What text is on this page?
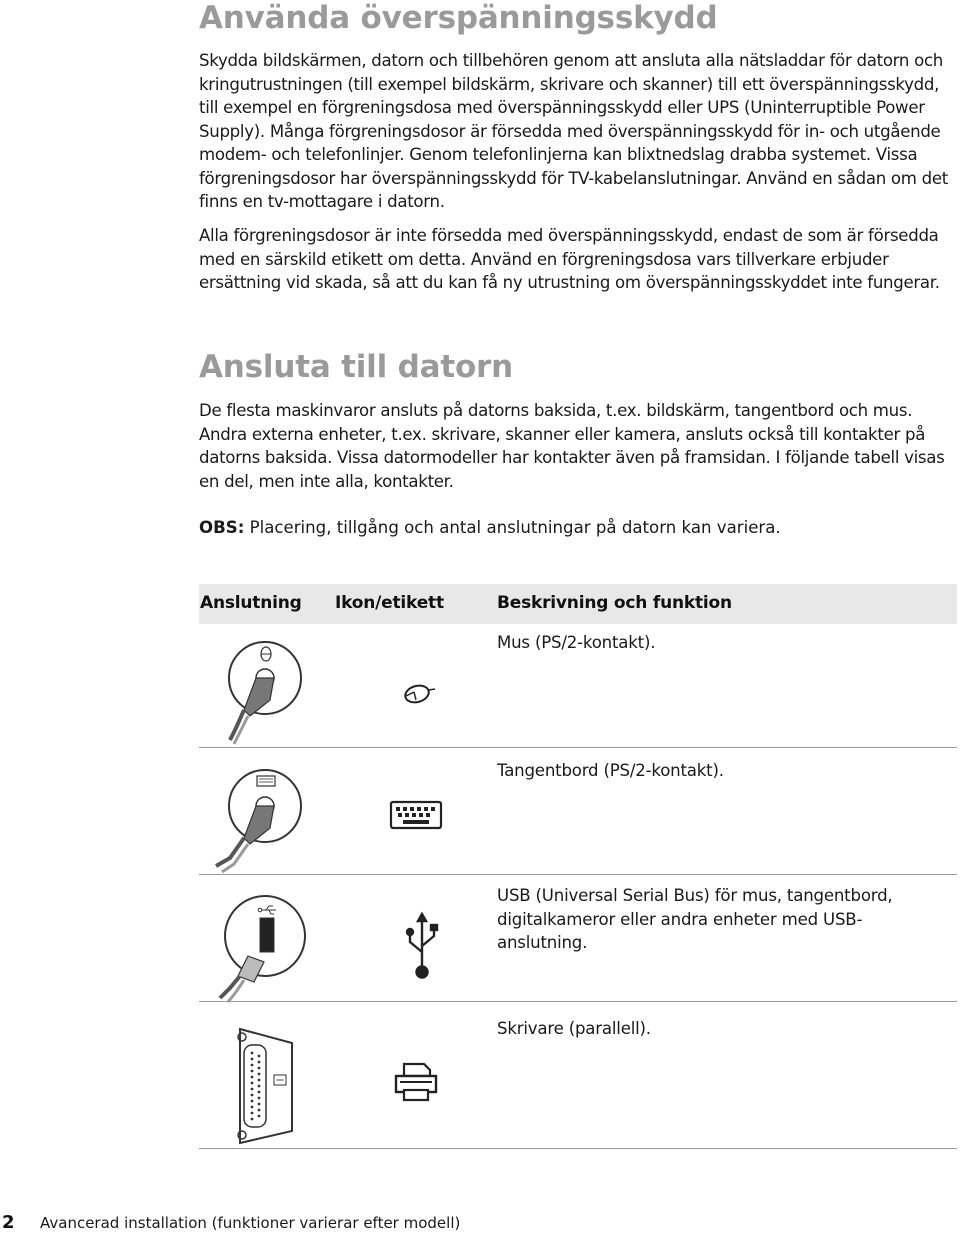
Använda överspänningsskydd

Skydda bildskärmen, datorn och tillbehören genom att ansluta alla nätsladdar för datorn och kringutrustningen (till exempel bildskärm, skrivare och skanner) till ett överspänningsskydd, till exempel en förgreningsdosa med överspänningsskydd eller UPS (Uninterruptible Power Supply). Många förgreningsdosor är försedda med överspänningsskydd för in- och utgående modem- och telefonlinjer. Genom telefonlinjerna kan blixtnedslag drabba systemet. Vissa förgreningsdosor har överspänningsskydd för TV-kabelanslutningar. Använd en sådan om det finns en tv-mottagare i datorn.

Alla förgreningsdosor är inte försedda med överspänningsskydd, endast de som är försedda med en särskild etikett om detta. Använd en förgreningsdosa vars tillverkare erbjuder ersättning vid skada, så att du kan få ny utrustning om överspänningsskyddet inte fungerar.

Ansluta till datorn

De flesta maskinvaror ansluts på datorns baksida, t.ex. bildskärm, tangentbord och mus. Andra externa enheter, t.ex. skrivare, skanner eller kamera, ansluts också till kontakter på datorns baksida. Vissa datormodeller har kontakter även på framsidan. I följande tabell visas en del, men inte alla, kontakter.

OBS: Placering, tillgång och antal anslutningar på datorn kan variera.

Anslutning Ikon/etikett	Beskrivning och funktion
Mus (PS/2-kontakt).
Tangentbord (PS/2-kontakt).
USB (Universal Serial Bus) för mus, tangentbord, digitalkameror eller andra enheter med USB-anslutning.
Skrivare (parallell).
2 Avancerad installation (funktioner varierar efter modell)
